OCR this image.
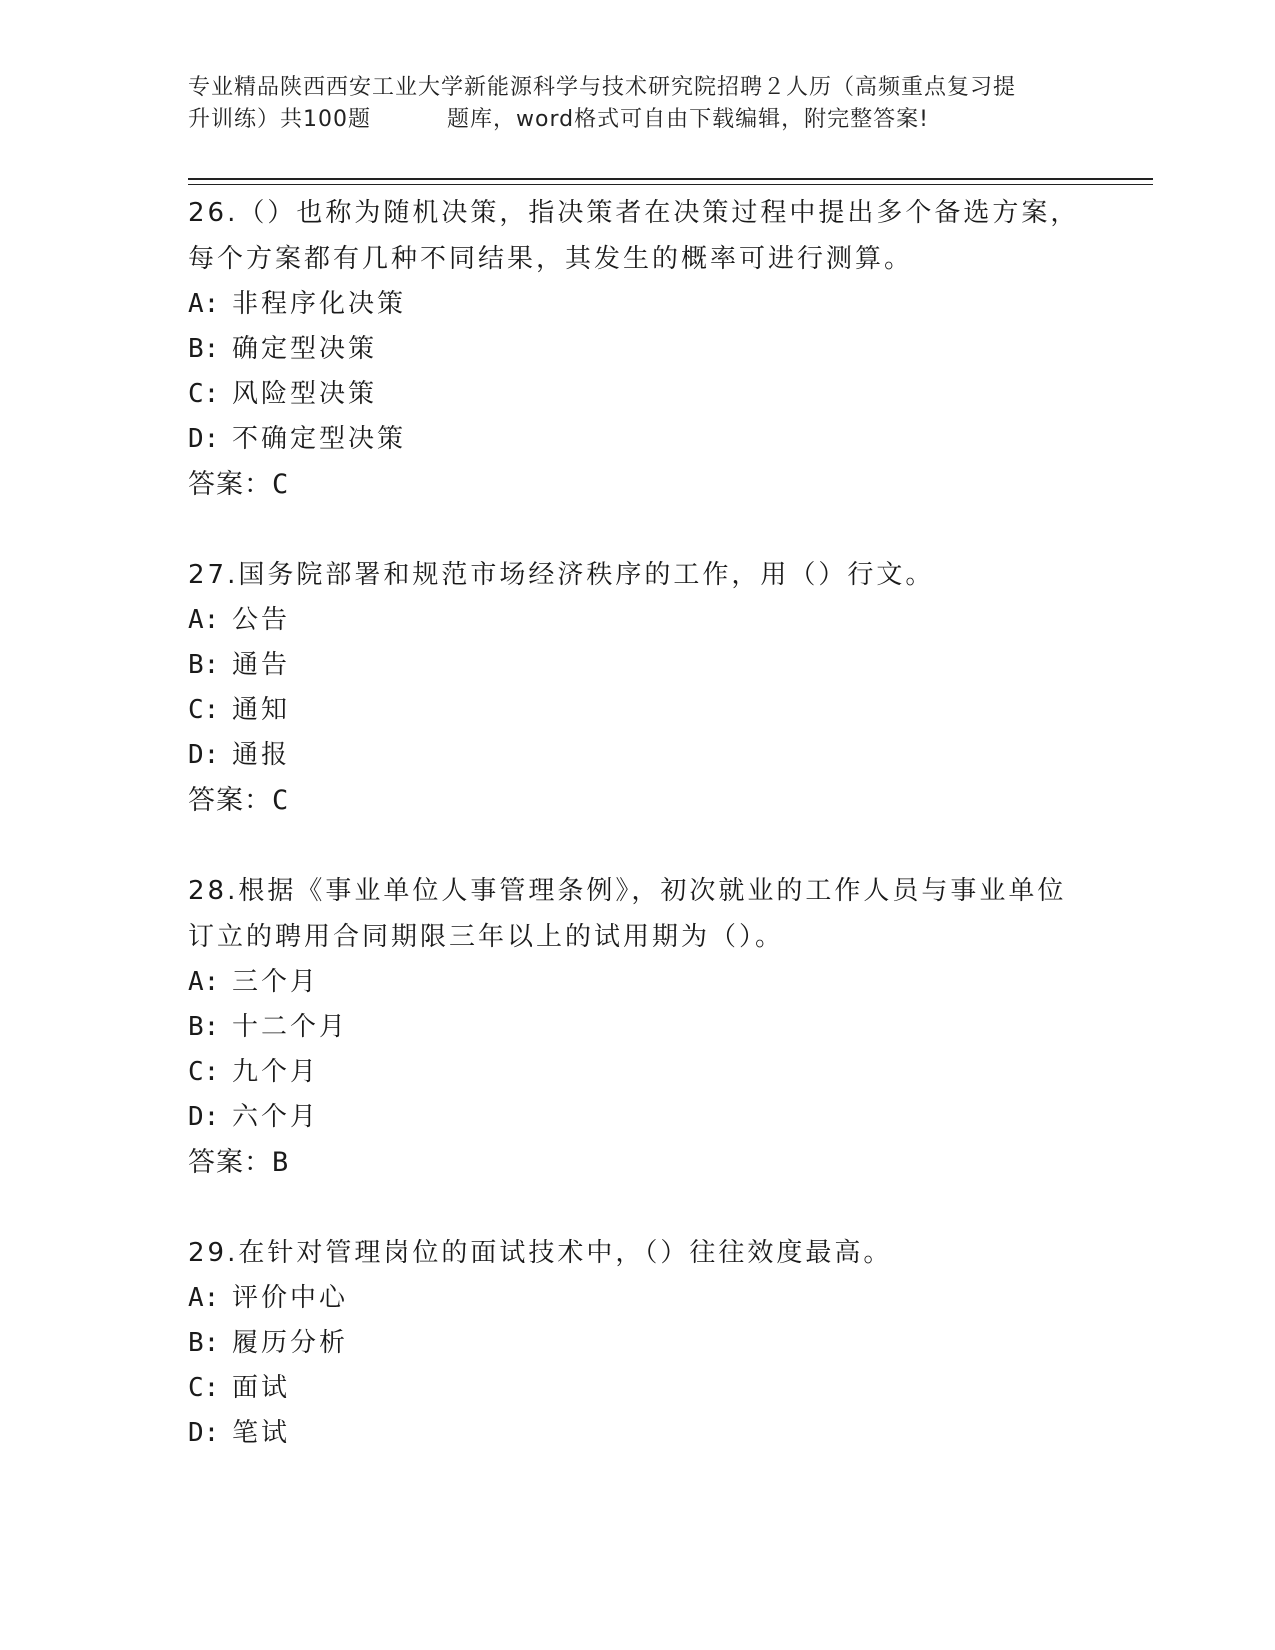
专业精品陕西西安工业大学新能源科学与技术研究院招聘２人历（高频重点复习提
升训练）共100题	题库，word格式可自由下载编辑，附完整答案!
26.（）也称为随机决策，指决策者在决策过程中提出多个备选方案，
每个方案都有几种不同结果，其发生的概率可进行测算。
A: 非程序化决策
B: 确定型决策
C: 风险型决策
D: 不确定型决策
答案：C
27.国务院部署和规范市场经济秩序的工作，用（）行文。
A: 公告
B: 通告
C: 通知
D: 通报
答案：C
28.根据《事业单位人事管理条例》，初次就业的工作人员与事业单位
订立的聘用合同期限三年以上的试用期为（）。
A: 三个月
B: 十二个月
C: 九个月
D: 六个月
答案：B
29.在针对管理岗位的面试技术中，（）往往效度最高。
A: 评价中心
B: 履历分析
C: 面试
D: 笔试
